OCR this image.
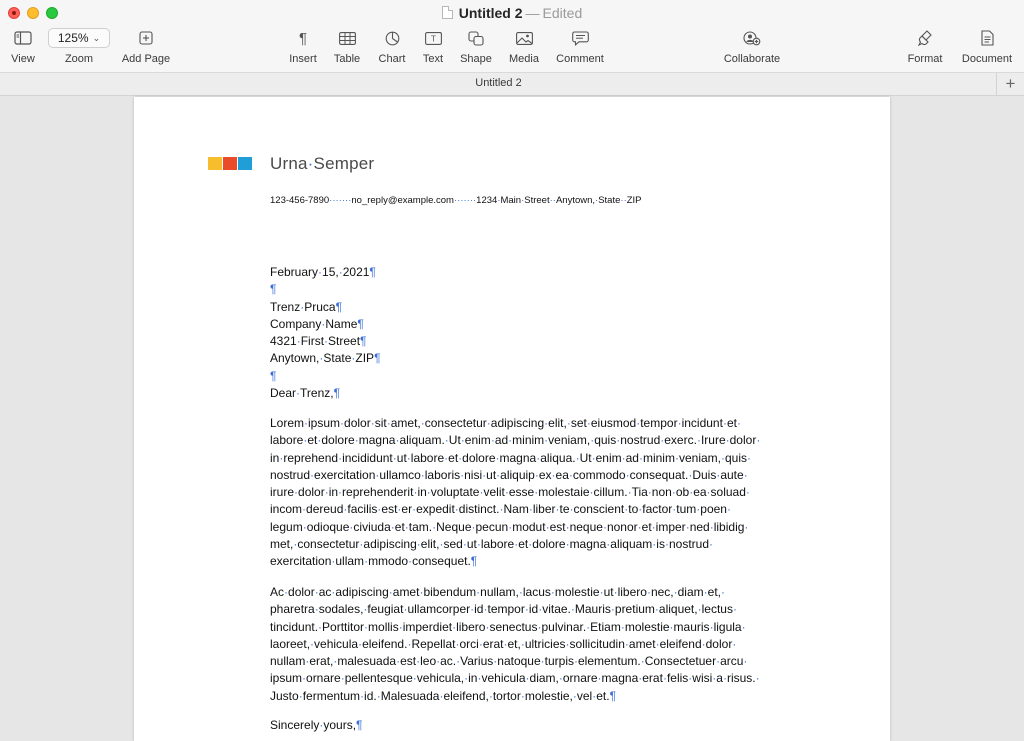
Untitled 2 — Edited
View
125% ⌄
Zoom	Add Page
¶
Insert	Table	Chart
T
Text	Shape	Media	Comment	Collaborate	Format	Document
Untitled 2	+
Urna·Semper
123-456-7890·······no_reply@example.com·······1234·Main·Street··Anytown,·State··ZIP
February·15,·2021¶
¶
Trenz·Pruca¶
Company·Name¶
4321·First·Street¶
Anytown,·State·ZIP¶
¶
Dear·Trenz,¶
Lorem·ipsum·dolor·sit·amet,·consectetur·adipiscing·elit,·set·eiusmod·tempor·incidunt·et·
labore·et·dolore·magna·aliquam.·Ut·enim·ad·minim·veniam,·quis·nostrud·exerc.·Irure·dolor·
in·reprehend·incididunt·ut·labore·et·dolore·magna·aliqua.·Ut·enim·ad·minim·veniam,·quis·
nostrud·exercitation·ullamco·laboris·nisi·ut·aliquip·ex·ea·commodo·consequat.·Duis·aute·
irure·dolor·in·reprehenderit·in·voluptate·velit·esse·molestaie·cillum.·Tia·non·ob·ea·soluad·
incom·dereud·facilis·est·er·expedit·distinct.·Nam·liber·te·conscient·to·factor·tum·poen·
legum·odioque·civiuda·et·tam.·Neque·pecun·modut·est·neque·nonor·et·imper·ned·libidig·
met,·consectetur·adipiscing·elit,·sed·ut·labore·et·dolore·magna·aliquam·is·nostrud·
exercitation·ullam·mmodo·consequet.¶
Ac·dolor·ac·adipiscing·amet·bibendum·nullam,·lacus·molestie·ut·libero·nec,·diam·et,·
pharetra·sodales,·feugiat·ullamcorper·id·tempor·id·vitae.·Mauris·pretium·aliquet,·lectus·
tincidunt.·Porttitor·mollis·imperdiet·libero·senectus·pulvinar.·Etiam·molestie·mauris·ligula·
laoreet,·vehicula·eleifend.·Repellat·orci·erat·et,·ultricies·sollicitudin·amet·eleifend·dolor·
nullam·erat,·malesuada·est·leo·ac.·Varius·natoque·turpis·elementum.·Consectetuer·arcu·
ipsum·ornare·pellentesque·vehicula,·in·vehicula·diam,·ornare·magna·erat·felis·wisi·a·risus.·
Justo·fermentum·id.·Malesuada·eleifend,·tortor·molestie,·vel·et.¶
Sincerely·yours,¶
